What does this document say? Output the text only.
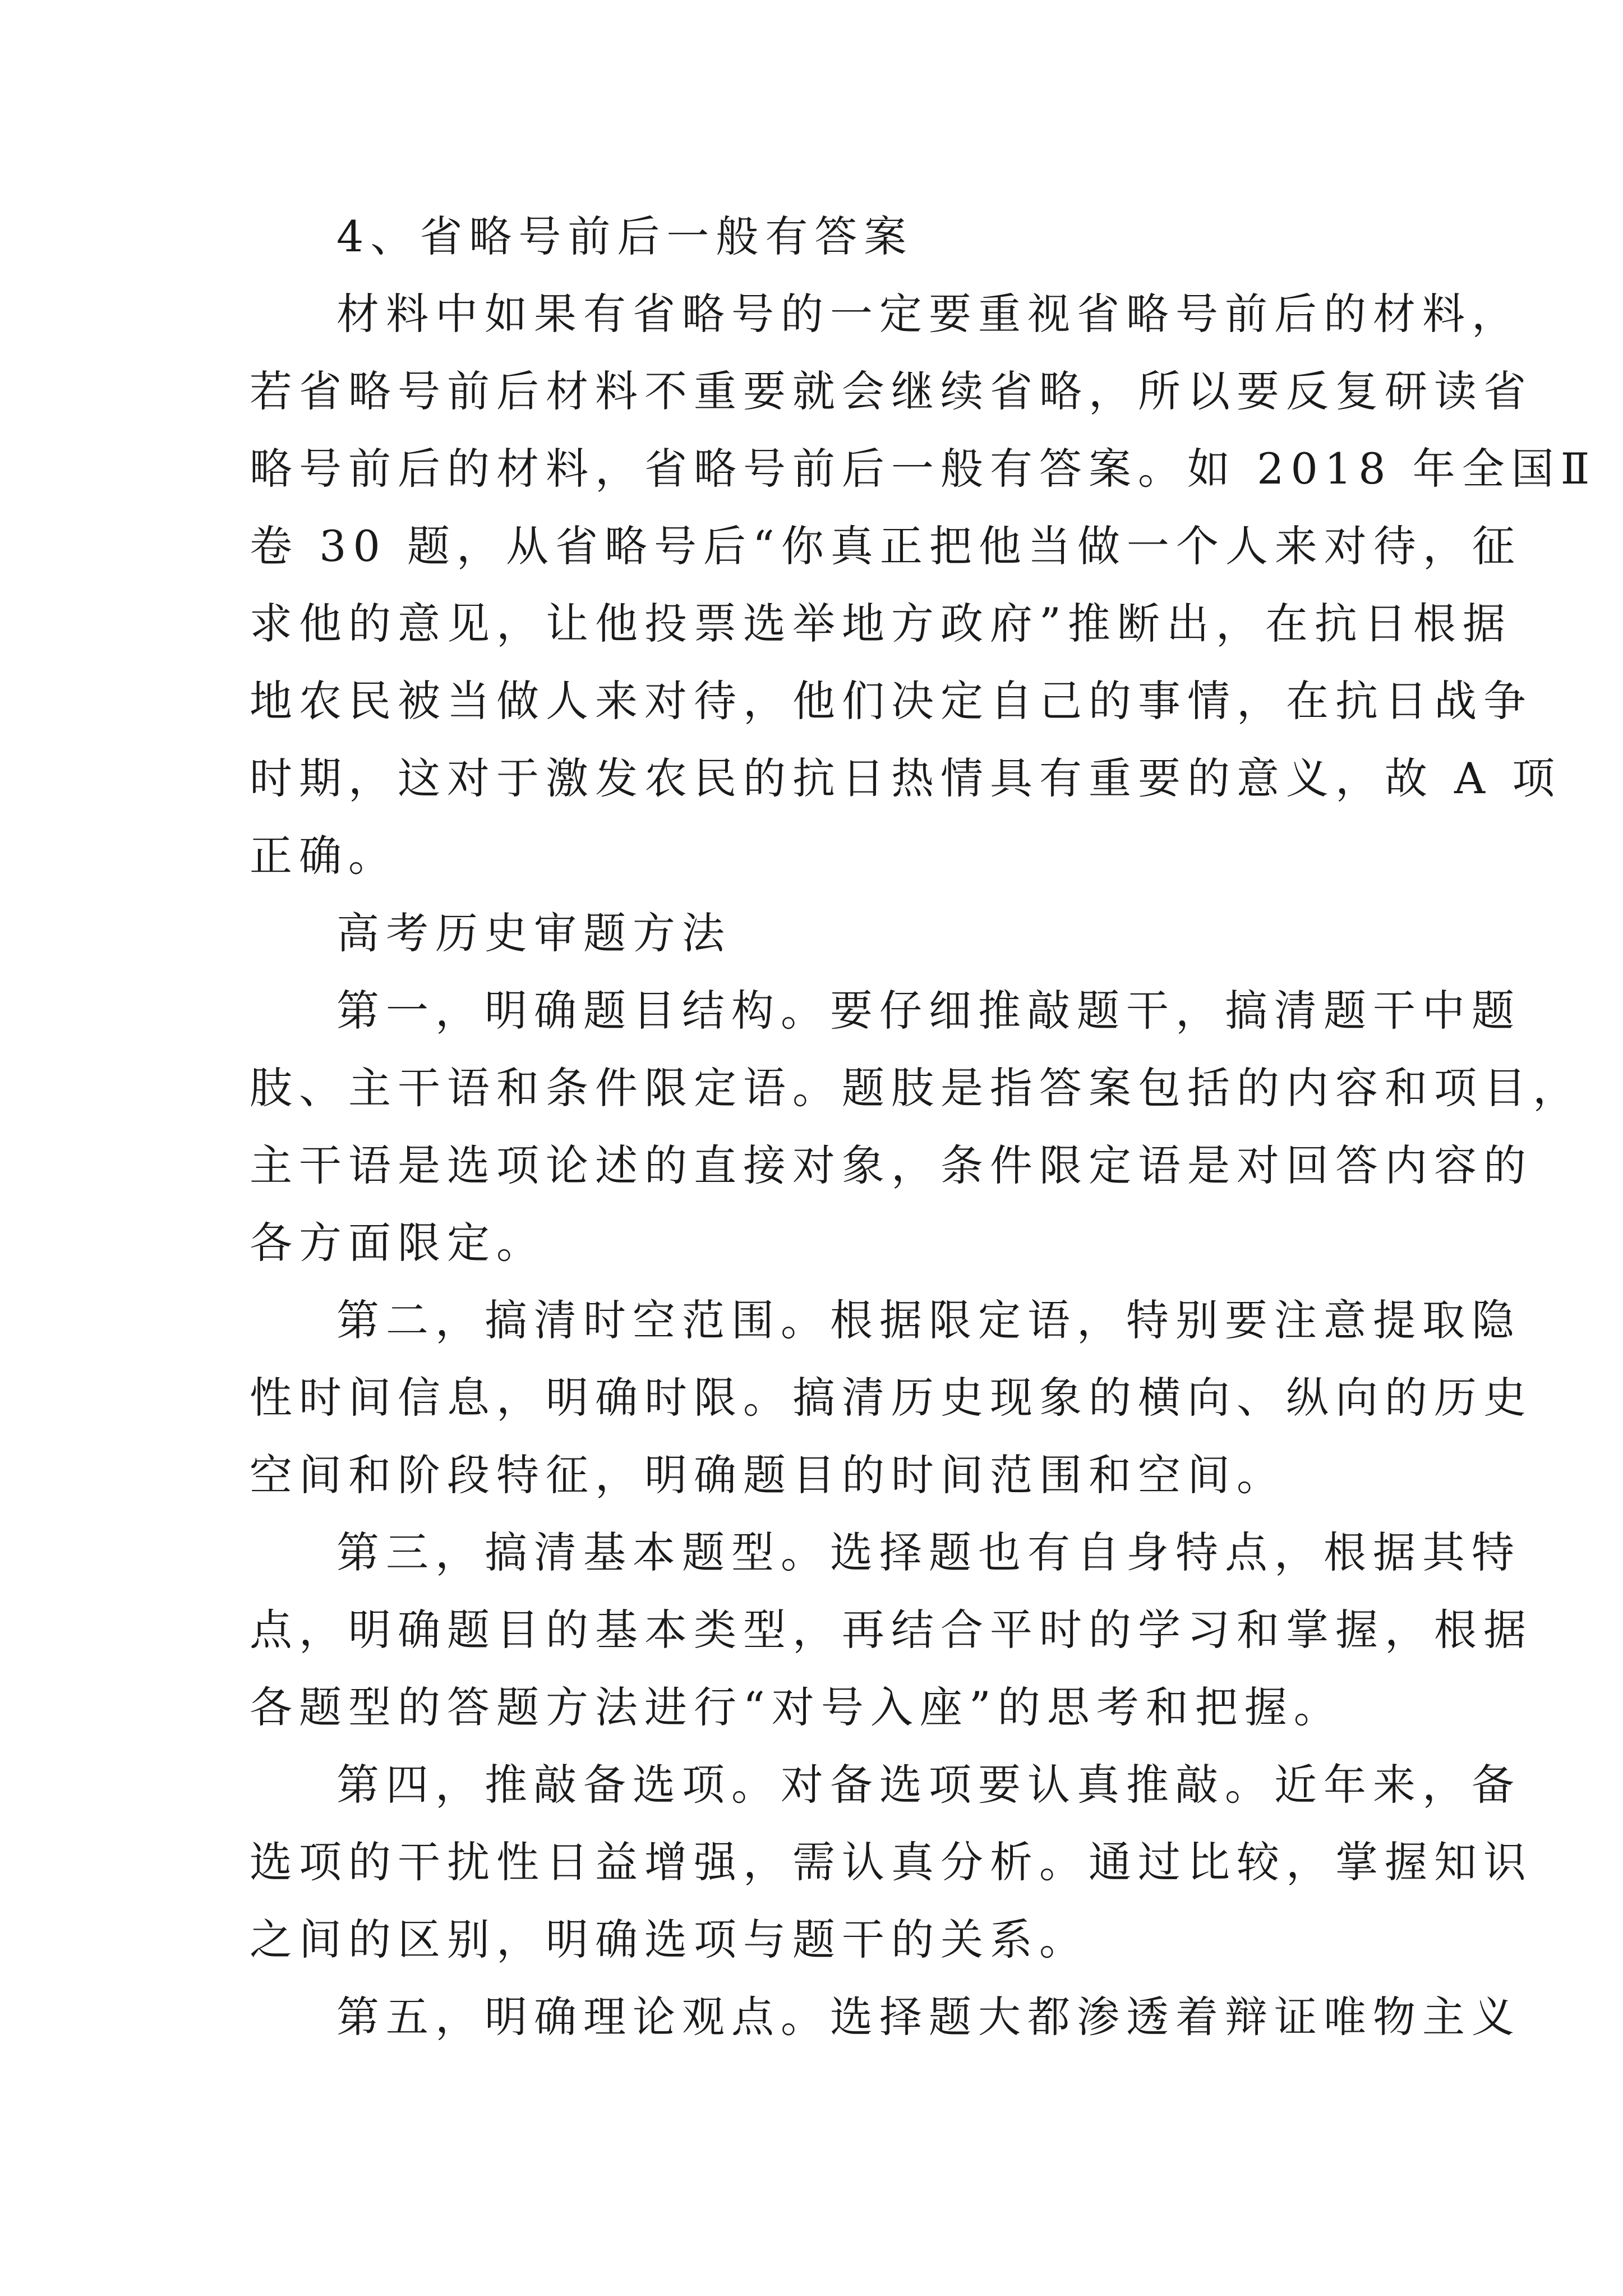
4、省略号前后一般有答案
材料中如果有省略号的一定要重视省略号前后的材料，
若省略号前后材料不重要就会继续省略，所以要反复研读省
略号前后的材料，省略号前后一般有答案。如 2018 年全国Ⅱ
卷 30 题，从省略号后“你真正把他当做一个人来对待，征
求他的意见，让他投票选举地方政府”推断出，在抗日根据
地农民被当做人来对待，他们决定自己的事情，在抗日战争
时期，这对于激发农民的抗日热情具有重要的意义，故 A 项
正确。
高考历史审题方法
第一，明确题目结构。要仔细推敲题干，搞清题干中题
肢、主干语和条件限定语。题肢是指答案包括的内容和项目，
主干语是选项论述的直接对象，条件限定语是对回答内容的
各方面限定。
第二，搞清时空范围。根据限定语，特别要注意提取隐
性时间信息，明确时限。搞清历史现象的横向、纵向的历史
空间和阶段特征，明确题目的时间范围和空间。
第三，搞清基本题型。选择题也有自身特点，根据其特
点，明确题目的基本类型，再结合平时的学习和掌握，根据
各题型的答题方法进行“对号入座”的思考和把握。
第四，推敲备选项。对备选项要认真推敲。近年来，备
选项的干扰性日益增强，需认真分析。通过比较，掌握知识
之间的区别，明确选项与题干的关系。
第五，明确理论观点。选择题大都渗透着辩证唯物主义
